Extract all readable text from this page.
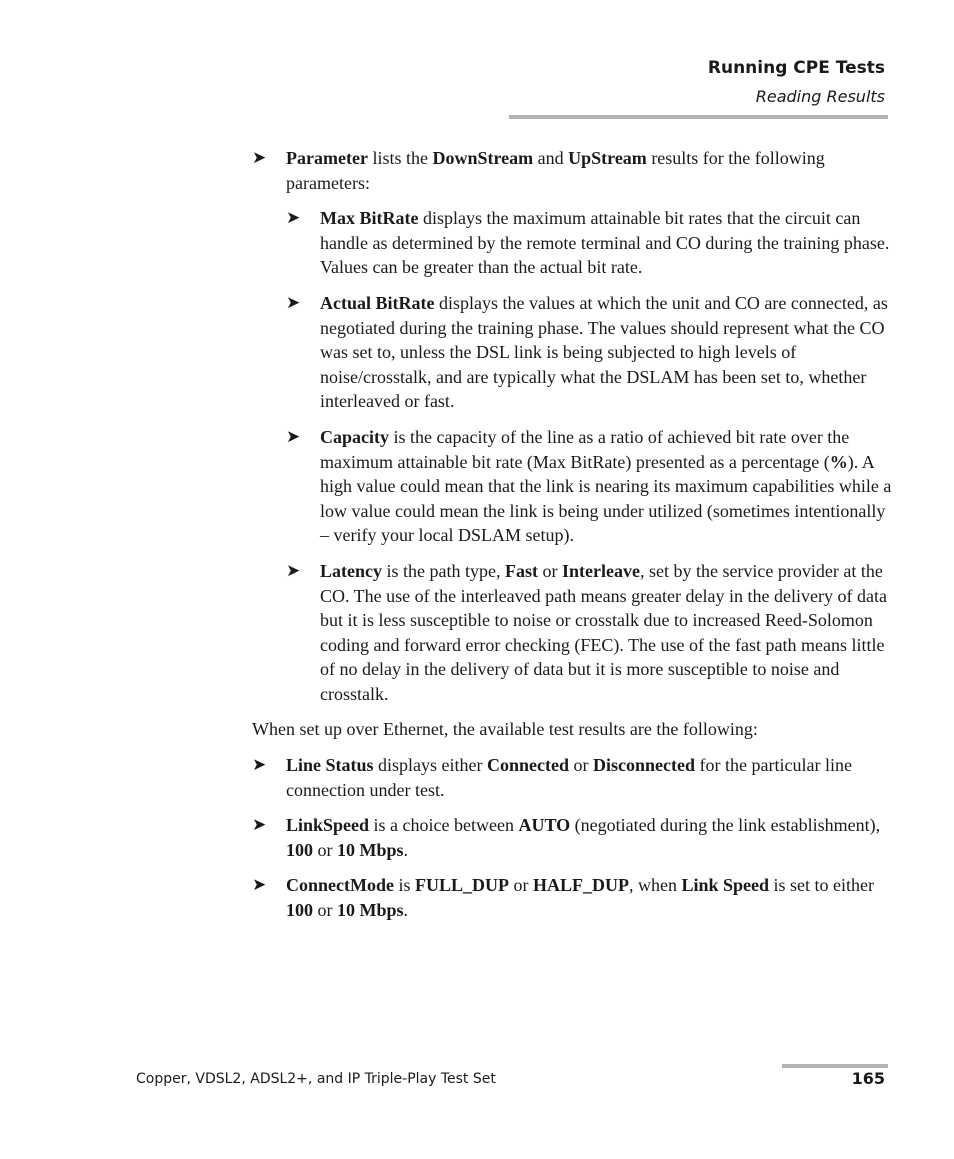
Running CPE Tests
Reading Results
➤ Parameter lists the DownStream and UpStream results for the following parameters:
➤ Max BitRate displays the maximum attainable bit rates that the circuit can handle as determined by the remote terminal and CO during the training phase. Values can be greater than the actual bit rate.
➤ Actual BitRate displays the values at which the unit and CO are connected, as negotiated during the training phase. The values should represent what the CO was set to, unless the DSL link is being subjected to high levels of noise/crosstalk, and are typically what the DSLAM has been set to, whether interleaved or fast.
➤ Capacity is the capacity of the line as a ratio of achieved bit rate over the maximum attainable bit rate (Max BitRate) presented as a percentage (%). A high value could mean that the link is nearing its maximum capabilities while a low value could mean the link is being under utilized (sometimes intentionally – verify your local DSLAM setup).
➤ Latency is the path type, Fast or Interleave, set by the service provider at the CO. The use of the interleaved path means greater delay in the delivery of data but it is less susceptible to noise or crosstalk due to increased Reed-Solomon coding and forward error checking (FEC). The use of the fast path means little of no delay in the delivery of data but it is more susceptible to noise and crosstalk.

When set up over Ethernet, the available test results are the following:

➤ Line Status displays either Connected or Disconnected for the particular line connection under test.
➤ LinkSpeed is a choice between AUTO (negotiated during the link establishment), 100 or 10 Mbps.
➤ ConnectMode is FULL_DUP or HALF_DUP, when Link Speed is set to either 100 or 10 Mbps.
Copper, VDSL2, ADSL2+, and IP Triple-Play Test Set	165
